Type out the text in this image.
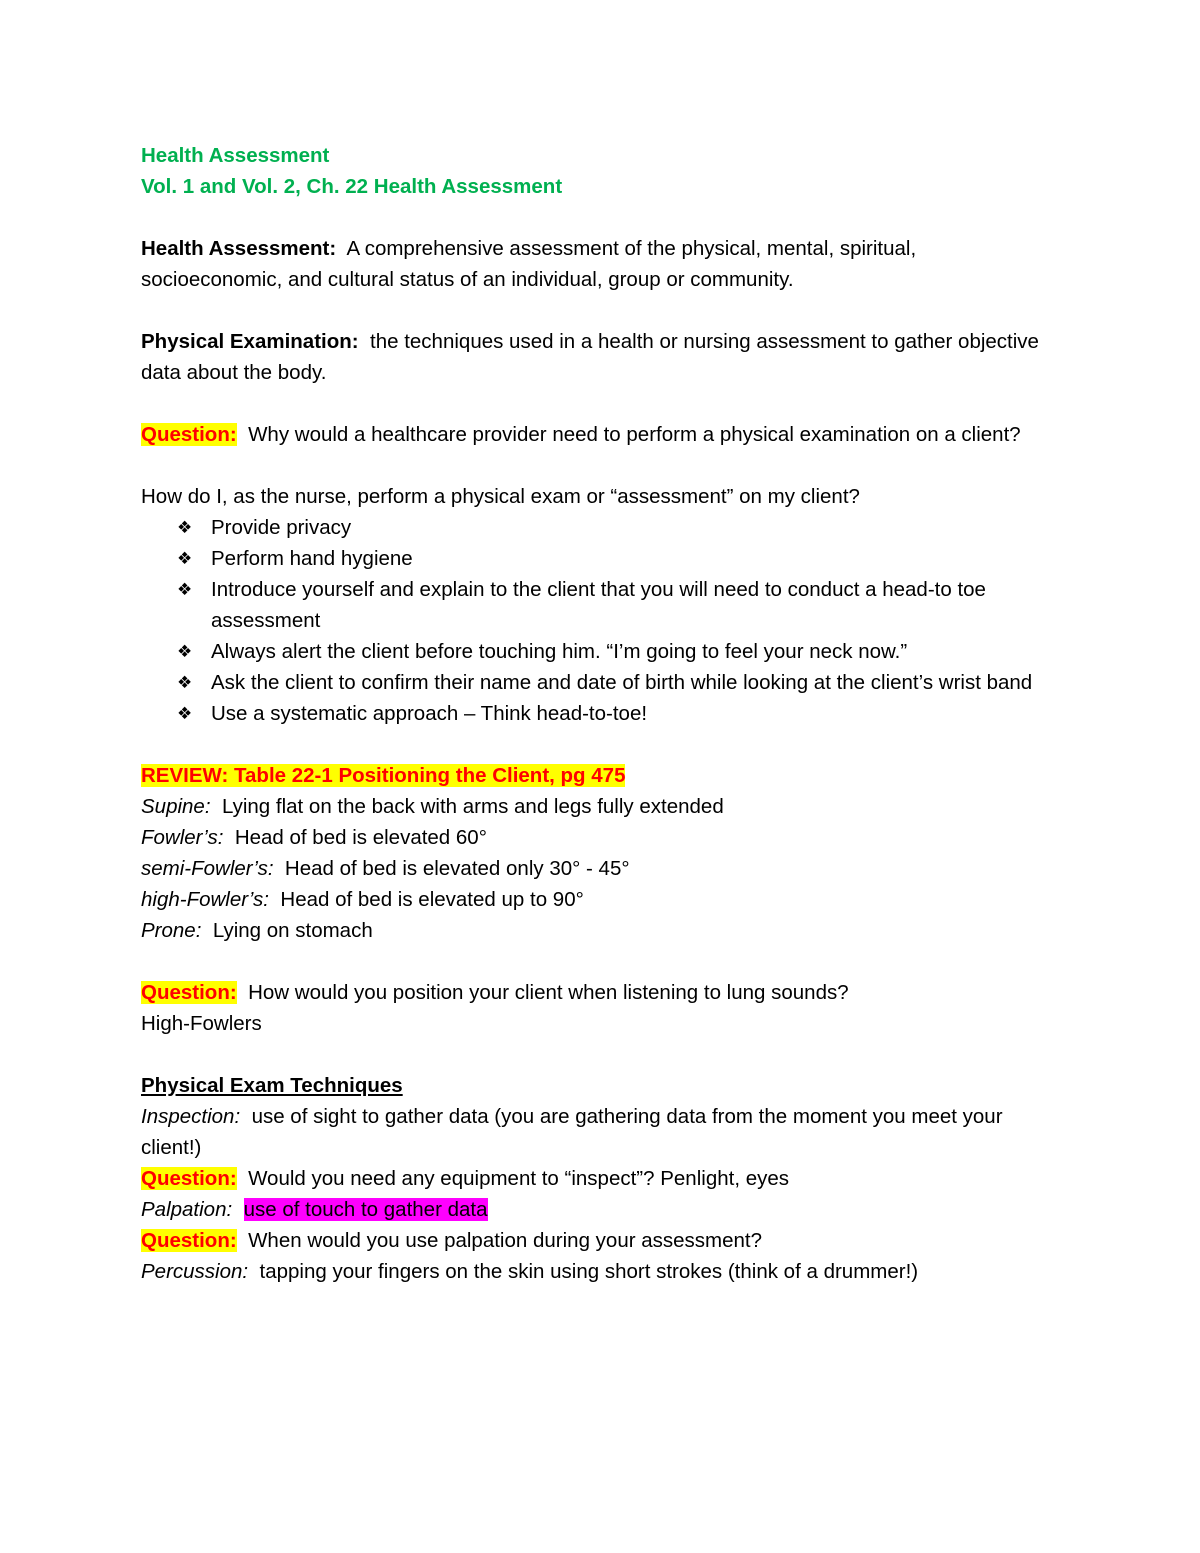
Health Assessment
Vol. 1 and Vol. 2, Ch. 22 Health Assessment

Health Assessment: A comprehensive assessment of the physical, mental, spiritual, socioeconomic, and cultural status of an individual, group or community.

Physical Examination: the techniques used in a health or nursing assessment to gather objective data about the body.

Question: Why would a healthcare provider need to perform a physical examination on a client?

How do I, as the nurse, perform a physical exam or “assessment” on my client?

❖ Provide privacy
❖ Perform hand hygiene
❖ Introduce yourself and explain to the client that you will need to conduct a head-to toe assessment
❖ Always alert the client before touching him. “I’m going to feel your neck now.”
❖ Ask the client to confirm their name and date of birth while looking at the client’s wrist band
❖ Use a systematic approach – Think head-to-toe!

REVIEW: Table 22-1 Positioning the Client, pg 475

Supine: Lying flat on the back with arms and legs fully extended

Fowler’s: Head of bed is elevated 60°

semi-Fowler’s: Head of bed is elevated only 30° - 45°

high-Fowler’s: Head of bed is elevated up to 90°

Prone: Lying on stomach

Question: How would you position your client when listening to lung sounds?

High-Fowlers

Physical Exam Techniques

Inspection: use of sight to gather data (you are gathering data from the moment you meet your client!)

Question: Would you need any equipment to “inspect”? Penlight, eyes

Palpation: use of touch to gather data

Question: When would you use palpation during your assessment?

Percussion: tapping your fingers on the skin using short strokes (think of a drummer!)
